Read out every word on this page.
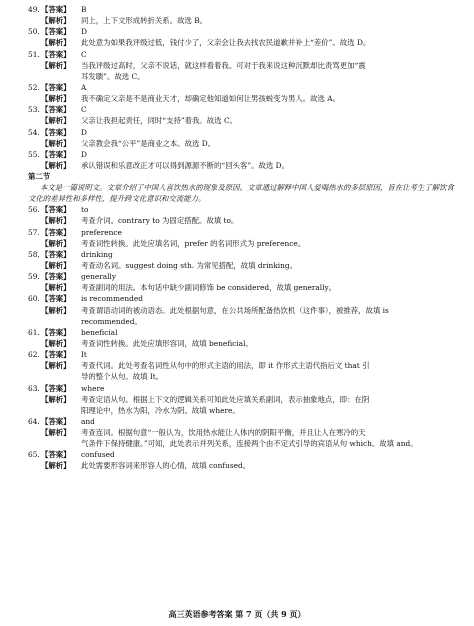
49.【答案】 B
【解析】 同上，上下文形成转折关系。故选 B。
50.【答案】 D
【解析】 此处意为如果我评级过低，钱付少了，父亲会让我去找农民道歉并补上“差价”。故选 D。
51.【答案】 C
【解析】 当我评级过高时，父亲不说话，就这样看着我。可对于我来说这种沉默却比责骂更加“震
耳发聩”。故选 C。
52.【答案】 A
【解析】 我不确定父亲是不是商业天才，却确定他知道如何让男孩蜕变为男人。故选 A。
53.【答案】 C
【解析】 父亲让我担起责任，同时“支持”着我。故选 C。
54.【答案】 D
【解析】 父亲教会我“公平”是商业之本。故选 D。
55.【答案】 D
【解析】 承认错误和乐意改正才可以得到源源不断的“回头客”。故选 D。
第二节
本文是一篇说明文。文章介绍了中国人喜饮热水的现象及原因。文章通过解释中国人爱喝热水的多层原因，旨在让考生了解饮食文化的差异性和多样性，提升跨文化意识和交流能力。
56.【答案】 to
【解析】 考查介词。contrary to 为固定搭配。故填 to。
57.【答案】 preference
【解析】 考查词性转换。此处应填名词，prefer 的名词形式为 preference。
58.【答案】 drinking
【解析】 考查动名词。suggest doing sth. 为常见搭配，故填 drinking。
59.【答案】 generally
【解析】 考查副词的用法。本句话中缺少副词修饰 be considered，故填 generally。
60.【答案】 is recommended
【解析】 考查谓语动词的被动语态。此处根据句意，在公共场所配备热饮机（这件事），被推荐，故填 is
recommended。
61.【答案】 beneficial
【解析】 考查词性转换。此处应填形容词，故填 beneficial。
62.【答案】 It
【解析】 考查代词。此处考查名词性从句中的形式主语的用法，即 it 作形式主语代指后文 that 引
导的整个从句。故填 It。
63.【答案】 where
【解析】 考查定语从句。根据上下文的逻辑关系可知此处应填关系副词，表示抽象地点，即：在阴
阳理论中，热水为阳，冷水为阴。故填 where。
64.【答案】 and
【解析】 考查连词。根据句意“一般认为，饮用热水能让人体内的阴阳平衡，并且让人在寒冷的天
气条件下保持健康。”可知，此处表示并列关系，连接两个由不定式引导的宾语从句 which。故填 and。
65.【答案】 confused
【解析】 此处需要形容词来形容人的心情，故填 confused。
高三英语参考答案 第 7 页（共 9 页）
